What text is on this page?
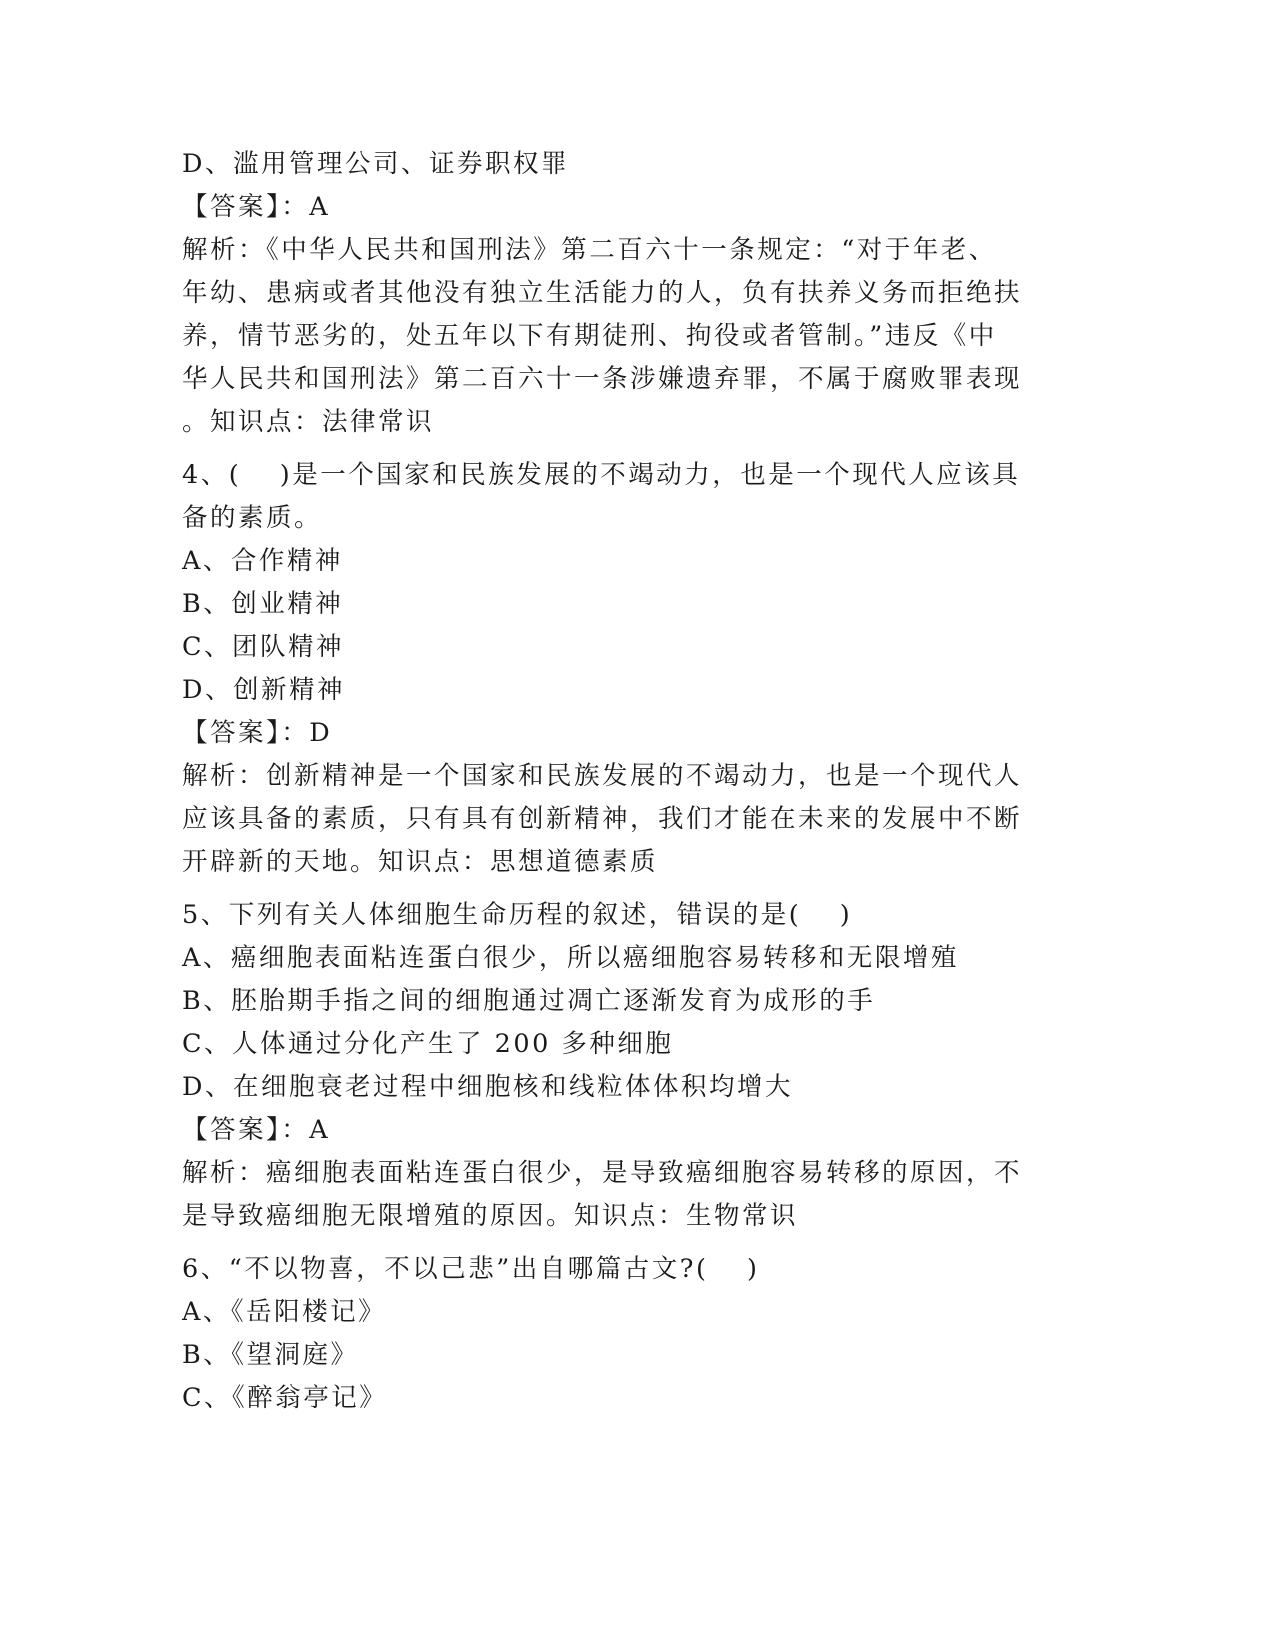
D、滥用管理公司、证券职权罪
【答案】：A
解析：《中华人民共和国刑法》第二百六十一条规定：“对于年老、
年幼、患病或者其他没有独立生活能力的人，负有扶养义务而拒绝扶
养，情节恶劣的，处五年以下有期徒刑、拘役或者管制。”违反《中
华人民共和国刑法》第二百六十一条涉嫌遗弃罪，不属于腐败罪表现
。知识点：法律常识
4、(　 )是一个国家和民族发展的不竭动力，也是一个现代人应该具
备的素质。
A、合作精神
B、创业精神
C、团队精神
D、创新精神
【答案】：D
解析：创新精神是一个国家和民族发展的不竭动力，也是一个现代人
应该具备的素质，只有具有创新精神，我们才能在未来的发展中不断
开辟新的天地。知识点：思想道德素质
5、下列有关人体细胞生命历程的叙述，错误的是(　 )
A、癌细胞表面粘连蛋白很少，所以癌细胞容易转移和无限增殖
B、胚胎期手指之间的细胞通过凋亡逐渐发育为成形的手
C、人体通过分化产生了 200 多种细胞
D、在细胞衰老过程中细胞核和线粒体体积均增大
【答案】：A
解析：癌细胞表面粘连蛋白很少，是导致癌细胞容易转移的原因，不
是导致癌细胞无限增殖的原因。知识点：生物常识
6、“不以物喜，不以己悲”出自哪篇古文?(　 )
A、《岳阳楼记》
B、《望洞庭》
C、《醉翁亭记》
